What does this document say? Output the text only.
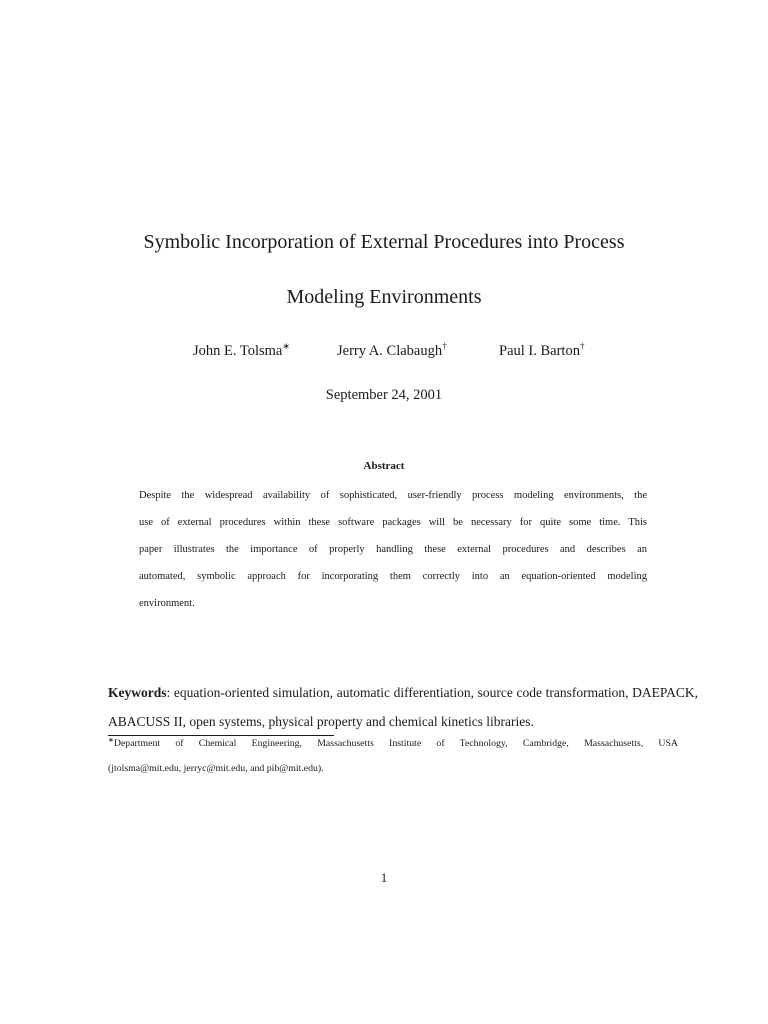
Symbolic Incorporation of External Procedures into Process
Modeling Environments
John E. Tolsma∗	Jerry A. Clabaugh†	Paul I. Barton†
September 24, 2001
Abstract
Despite the widespread availability of sophisticated, user-friendly process modeling environments, the
use of external procedures within these software packages will be necessary for quite some time. This
paper illustrates the importance of properly handling these external procedures and describes an
automated, symbolic approach for incorporating them correctly into an equation-oriented modeling
environment.
Keywords: equation-oriented simulation, automatic differentiation, source code transformation, DAEPACK,
ABACUSS II, open systems, physical property and chemical kinetics libraries.
∗Department of Chemical Engineering, Massachusetts Institute of Technology, Cambridge, Massachusetts, USA
(jtolsma@mit.edu, jerryc@mit.edu, and pib@mit.edu).
1
